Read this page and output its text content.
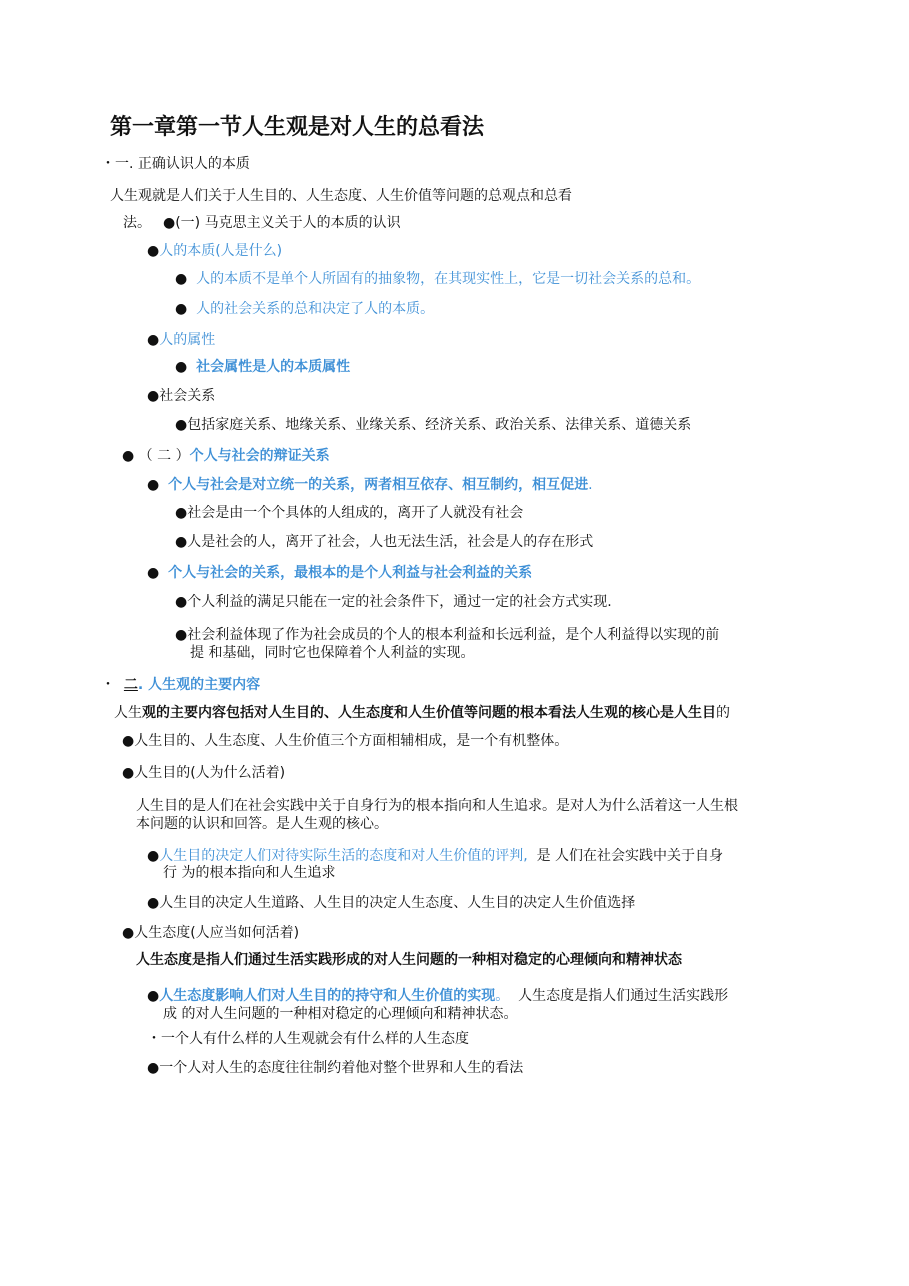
第一章第一节人生观是对人生的总看法
・一. 正确认识人的本质
人生观就是人们关于人生目的、人生态度、人生价值等问题的总观点和总看
法。 ●(一) 马克思主义关于人的本质的认识
●人的本质(人是什么)
● 人的本质不是单个人所固有的抽象物，在其现实性上，它是一切社会关系的总和。
● 人的社会关系的总和决定了人的本质。
●人的属性
● 社会属性是人的本质属性
●社会关系
●包括家庭关系、地缘关系、业缘关系、经济关系、政治关系、法律关系、道德关系
● （ 二 ）个人与社会的辩证关系
● 个人与社会是对立统一的关系，两者相互依存、相互制约，相互促进.
●社会是由一个个具体的人组成的，离开了人就没有社会
●人是社会的人，离开了社会，人也无法生活，社会是人的存在形式
● 个人与社会的关系，最根本的是个人利益与社会利益的关系
●个人利益的满足只能在一定的社会条件下，通过一定的社会方式实现.
●社会利益体现了作为社会成员的个人的根本利益和长远利益，是个人利益得以实现的前
提 和基础，同时它也保障着个人利益的实现。
・ 二. 人生观的主要内容
人生观的主要内容包括对人生目的、人生态度和人生价值等问题的根本看法人生观的核心是人生目的
●人生目的、人生态度、人生价值三个方面相辅相成，是一个有机整体。
●人生目的(人为什么活着)
人生目的是人们在社会实践中关于自身行为的根本指向和人生追求。是对人为什么活着这一人生根
本问题的认识和回答。是人生观的核心。
●人生目的决定人们对待实际生活的态度和对人生价值的评判, 是 人们在社会实践中关于自身
行 为的根本指向和人生追求
●人生目的决定人生道路、人生目的决定人生态度、人生目的决定人生价值选择
●人生态度(人应当如何活着)
人生态度是指人们通过生活实践形成的对人生问题的一种相对稳定的心理倾向和精神状态
●人生态度影响人们对人生目的的持守和人生价值的实现。 人生态度是指人们通过生活实践形
成 的对人生问题的一种相对稳定的心理倾向和精神状态。
・一个人有什么样的人生观就会有什么样的人生态度
●一个人对人生的态度往往制约着他对整个世界和人生的看法
